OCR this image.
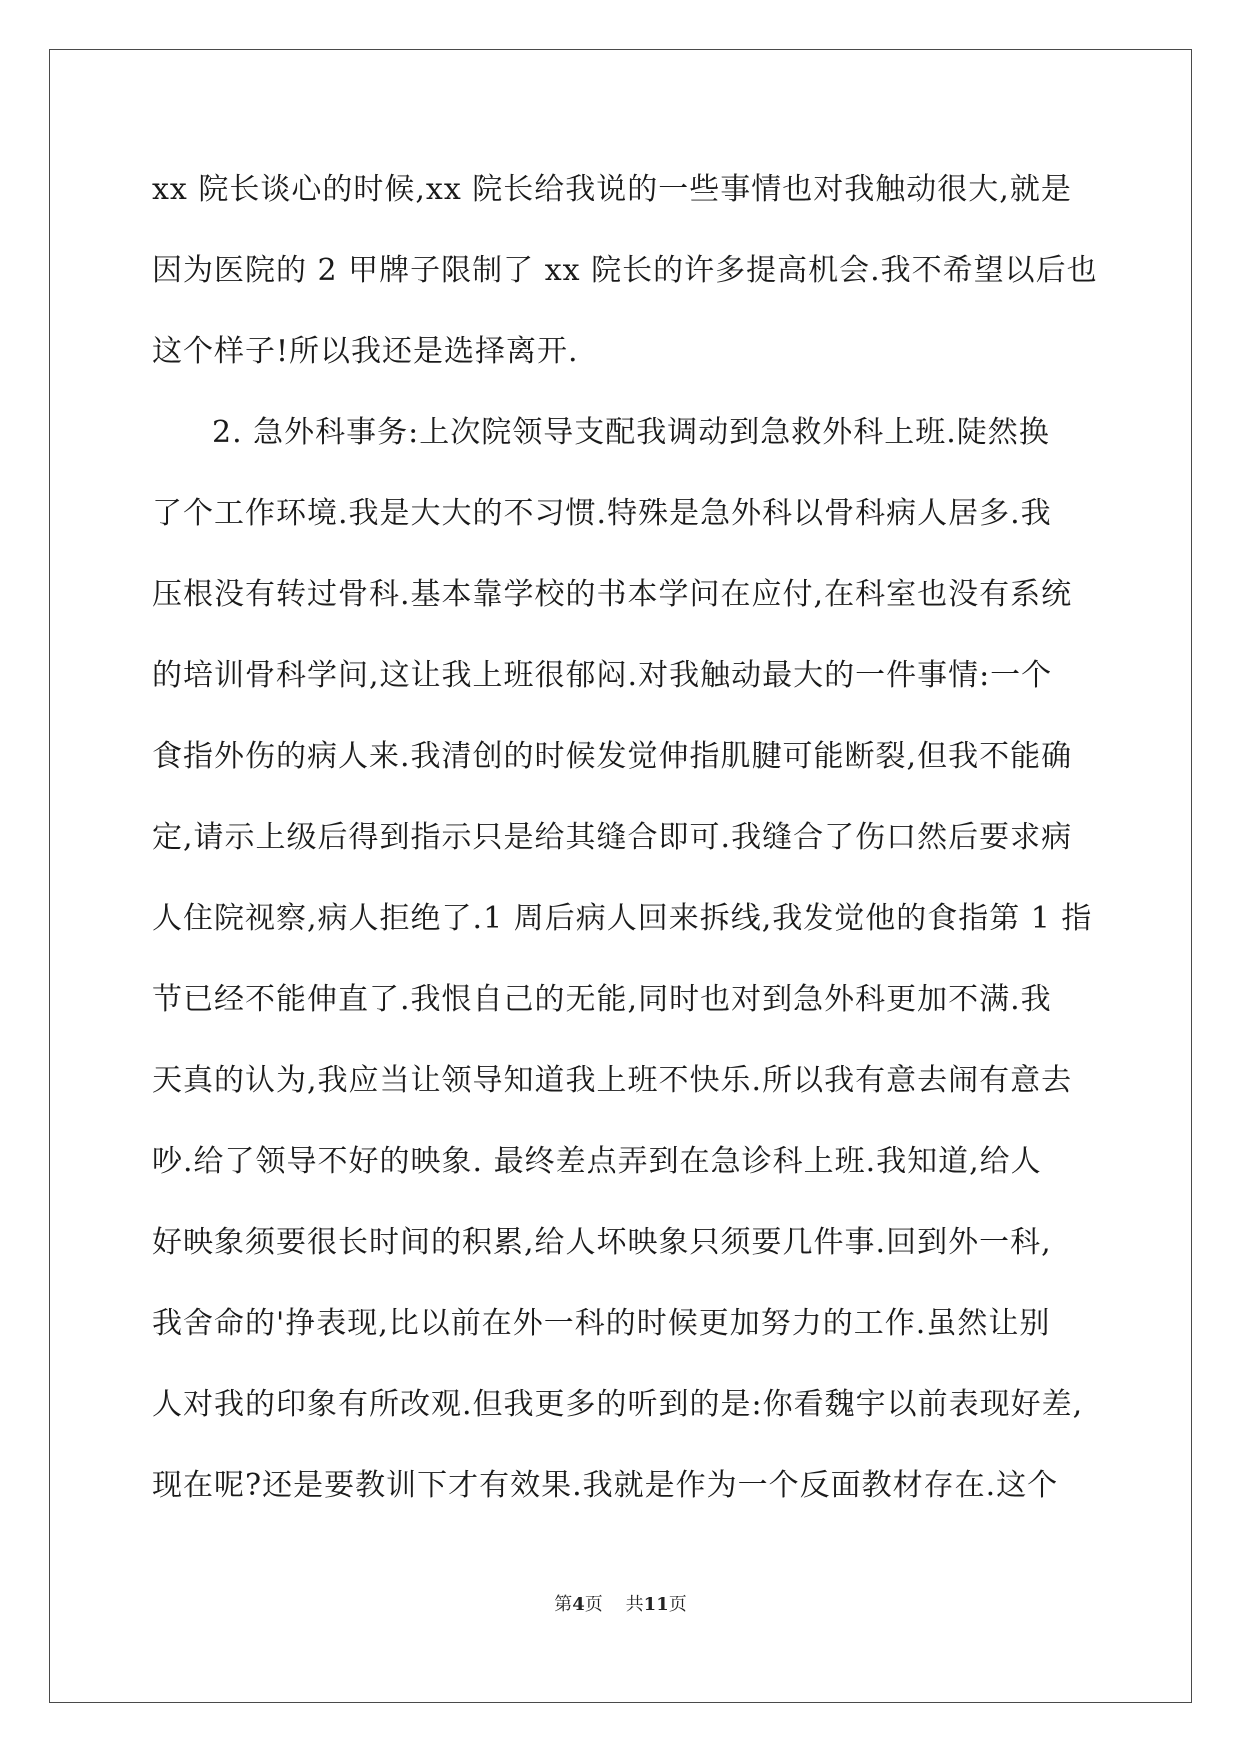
xx 院长谈心的时候,xx 院长给我说的一些事情也对我触动很大,就是
因为医院的 2 甲牌子限制了 xx 院长的许多提高机会.我不希望以后也
这个样子!所以我还是选择离开.
2. 急外科事务:上次院领导支配我调动到急救外科上班.陡然换
了个工作环境.我是大大的不习惯.特殊是急外科以骨科病人居多.我
压根没有转过骨科.基本靠学校的书本学问在应付,在科室也没有系统
的培训骨科学问,这让我上班很郁闷.对我触动最大的一件事情:一个
食指外伤的病人来.我清创的时候发觉伸指肌腱可能断裂,但我不能确
定,请示上级后得到指示只是给其缝合即可.我缝合了伤口然后要求病
人住院视察,病人拒绝了.1 周后病人回来拆线,我发觉他的食指第 1 指
节已经不能伸直了.我恨自己的无能,同时也对到急外科更加不满.我
天真的认为,我应当让领导知道我上班不快乐.所以我有意去闹有意去
吵.给了领导不好的映象. 最终差点弄到在急诊科上班.我知道,给人
好映象须要很长时间的积累,给人坏映象只须要几件事.回到外一科,
我舍命的'挣表现,比以前在外一科的时候更加努力的工作.虽然让别
人对我的印象有所改观.但我更多的听到的是:你看魏宇以前表现好差,
现在呢?还是要教训下才有效果.我就是作为一个反面教材存在.这个
第4页 共11页
